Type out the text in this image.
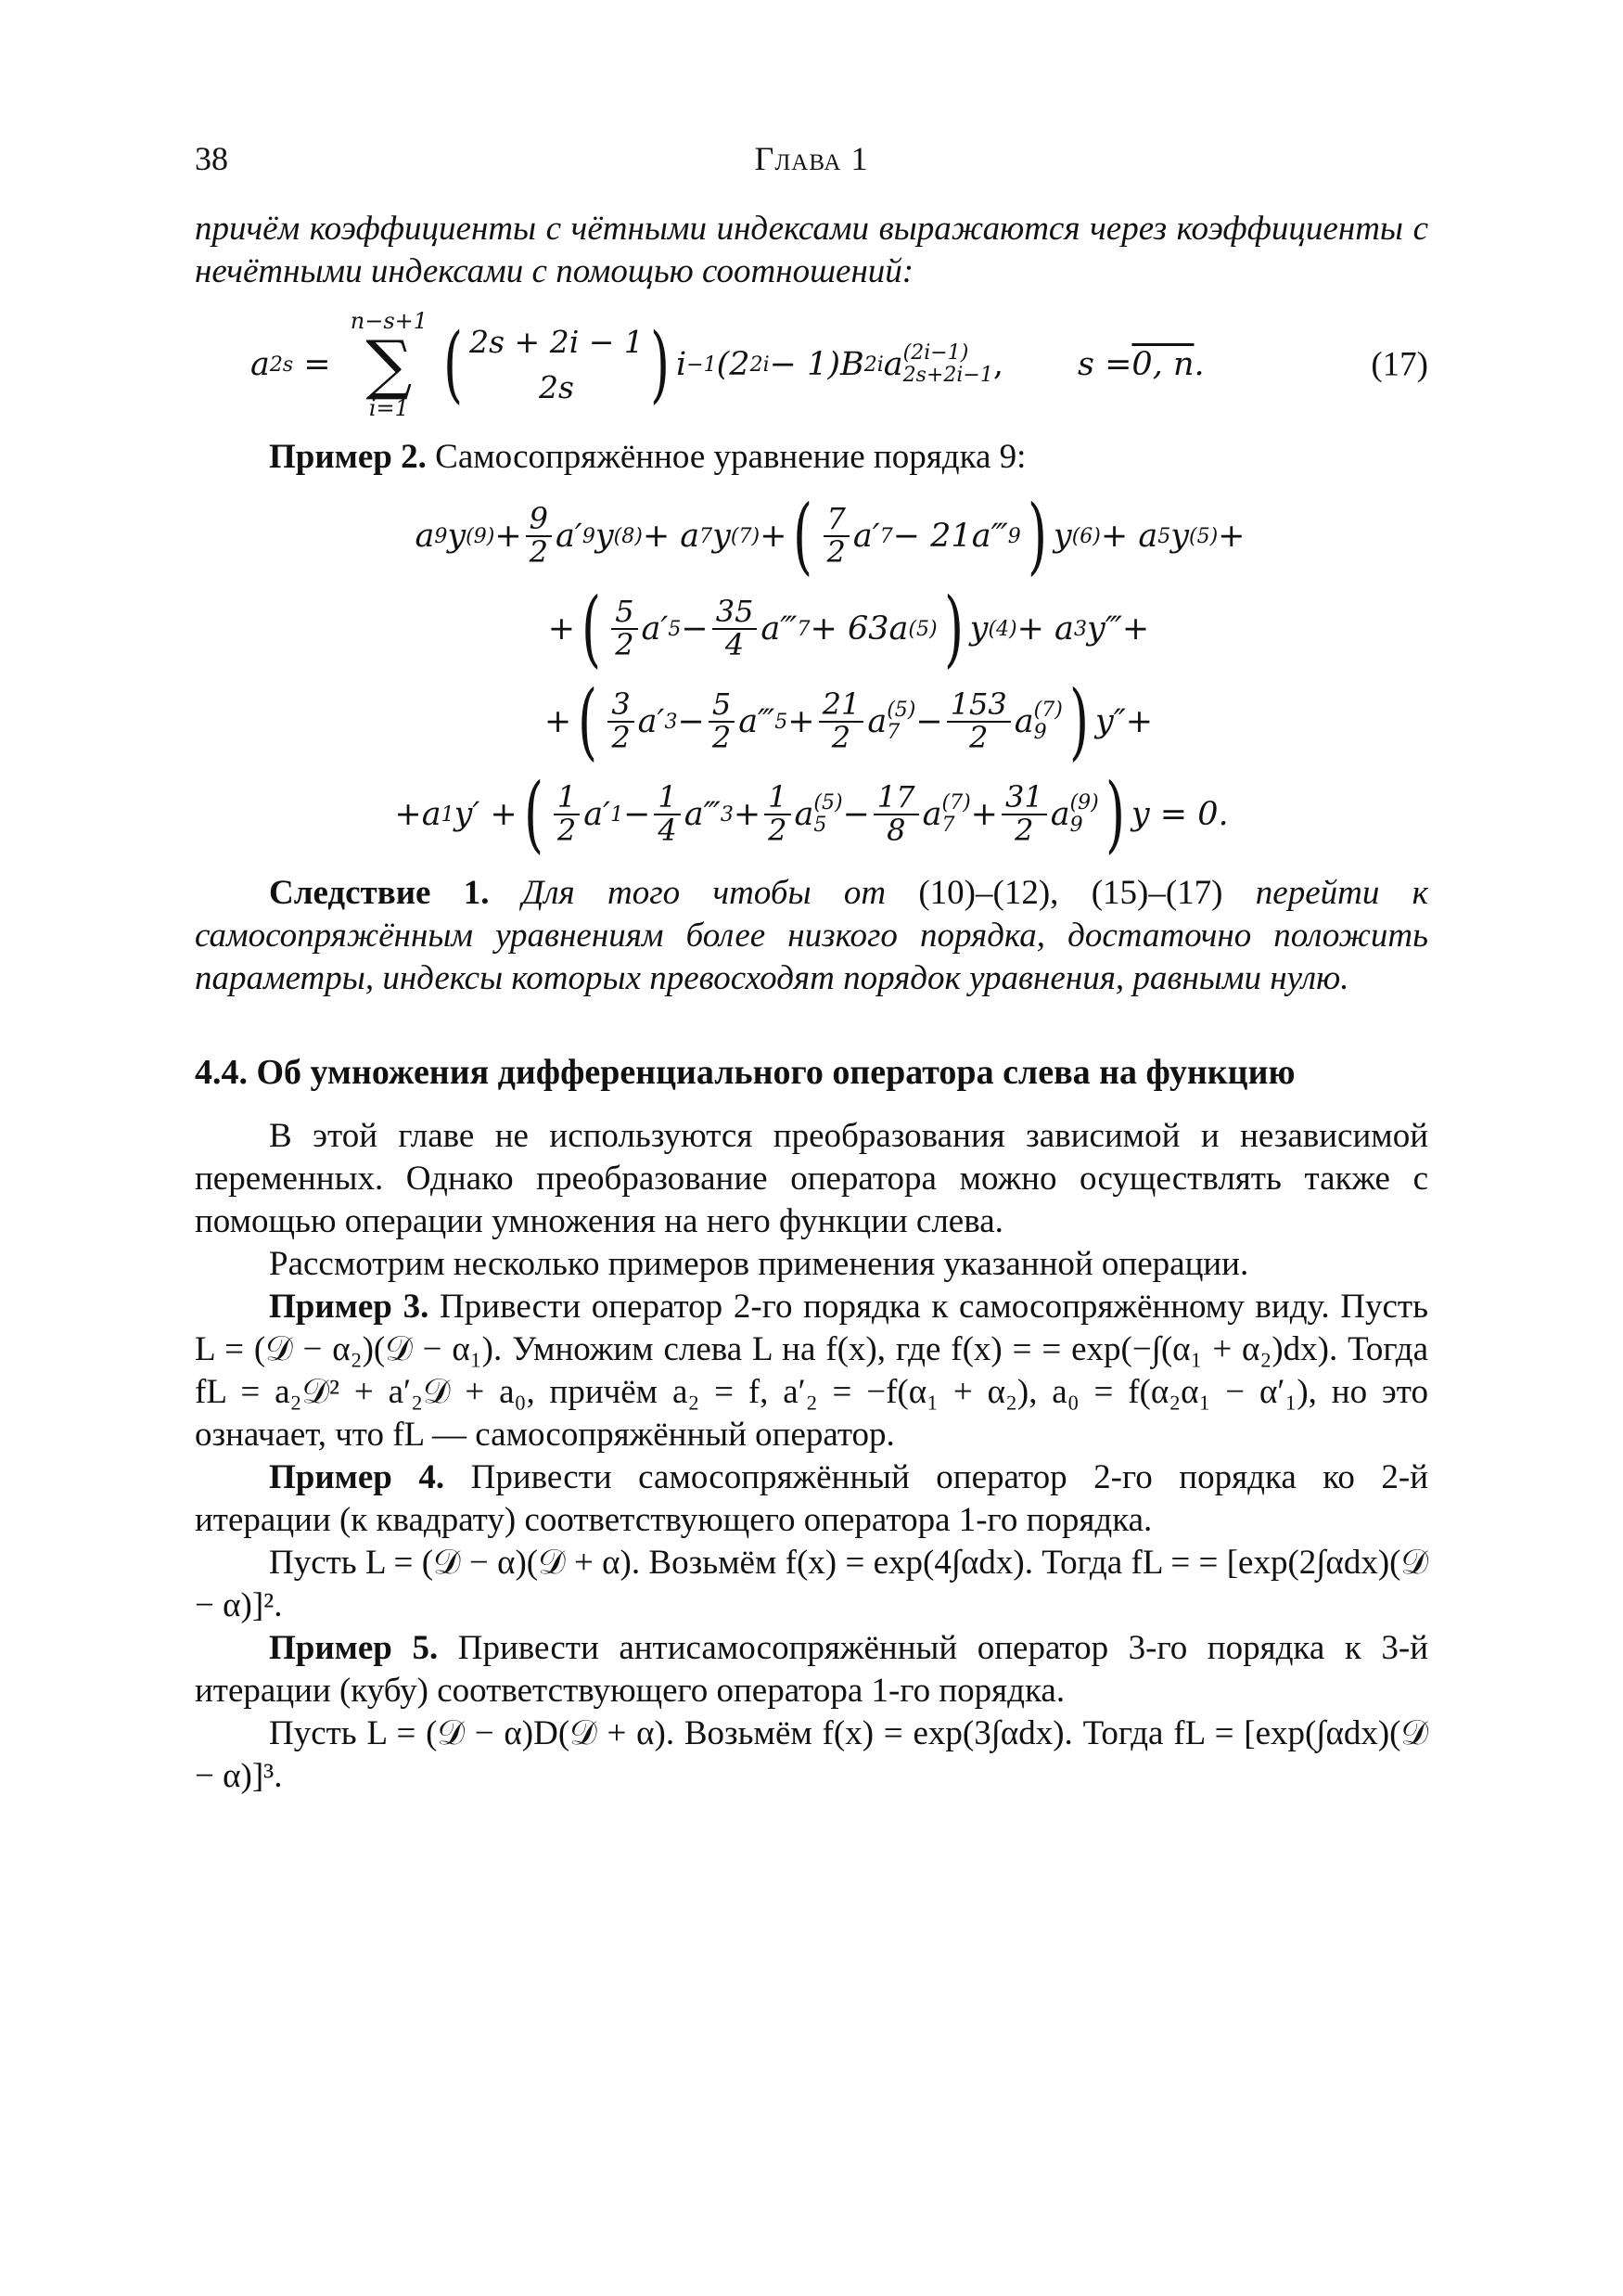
38	Глава 1

причём коэффициенты с чётными индексами выражаются через коэффициенты с нечётными индексами с помощью соотношений:

a 2s =
n−s+1
∑
i=1 ( 2s + 2i − 1
2s ) i −1 (2 2i − 1)B 2i a (2i−1)
2s+2i−1 , s = 0, n .	(17)

Пример 2. Самосопряжённое уравнение порядка 9:

a 9 y $(9) + \frac{9}{2} a'$ 9 y (8) + a 7 y (7) + ( $\frac{7}{2} a'$ 7 − 21a‴ 9 ) y (6) + a 5 y (5) +
+ ( $\frac{5}{2} a'$ $5 - \frac{35}{4}$ a‴ 7 + 63a (5) ) y (4) + a 3 y‴+
+ ( $\frac{3}{2} a'$ $3 - \frac{5}{2}$ a‴ $5 + \frac{21}{2}$ a (5)
$7 - \frac{153}{2}$ a (7)
9 ) y″+
+a 1 y′ + ( $\frac{1}{2} a'$ $1 - \frac{1}{4}$ a‴ $3 + \frac{1}{2}$ a (5)
$5 - \frac{17}{8}$ a (7)
$7 + \frac{31}{2}$ a (9)
9 ) y = 0.

Следствие 1. Для того чтобы от (10)–(12), (15)–(17) перейти к самосопряжённым уравнениям более низкого порядка, достаточно положить параметры, индексы которых превосходят порядок уравнения, равными нулю.

4.4. Об умножения дифференциального оператора слева на функцию

В этой главе не используются преобразования зависимой и независимой переменных. Однако преобразование оператора можно осуществлять также с помощью операции умножения на него функции слева.

Рассмотрим несколько примеров применения указанной операции.

Пример 3. Привести оператор 2-го порядка к самосопряжённому виду. Пусть L = (𝒟 − α₂)(𝒟 − α₁). Умножим слева L на f(x), где f(x) = = exp(−∫(α₁ + α₂)dx). Тогда fL = a₂𝒟² + a′₂𝒟 + a₀, причём a₂ = f, a′₂ = −f(α₁ + α₂), a₀ = f(α₂α₁ − α′₁), но это означает, что fL — самосопряжённый оператор.

Пример 4. Привести самосопряжённый оператор 2-го порядка ко 2-й итерации (к квадрату) соответствующего оператора 1-го порядка.

Пусть L = (𝒟 − α)(𝒟 + α). Возьмём f(x) = exp(4∫αdx). Тогда fL = = [exp(2∫αdx)(𝒟 − α)]².

Пример 5. Привести антисамосопряжённый оператор 3-го порядка к 3-й итерации (кубу) соответствующего оператора 1-го порядка.

Пусть L = (𝒟 − α)D(𝒟 + α). Возьмём f(x) = exp(3∫αdx). Тогда fL = [exp(∫αdx)(𝒟 − α)]³.
